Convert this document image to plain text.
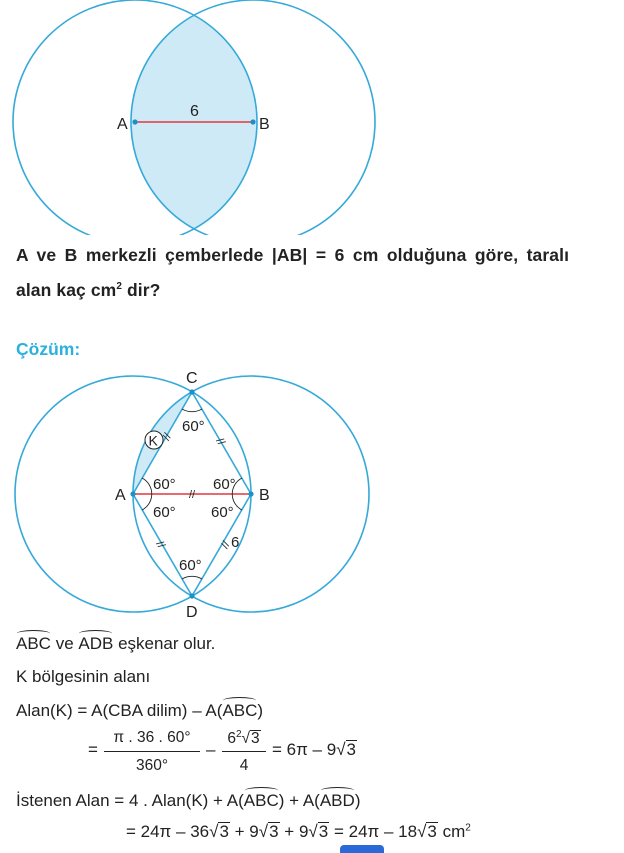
A	B
6
A ve B merkezli çemberlede |AB| = 6 cm olduğuna göre, taralı
alan kaç $cm^2$ dir?
Çözüm:
C
D
A	B
K
60°
60°
60°
60°
60°
60°
6
//	//
//
//	//
ABC ve ADB eşkenar olur.
K bölgesinin alanı
Alan(K) = A(CBA dilim) – A(ABC)
=
π . 36 . 60°
360°
–
$6^2√3$
4
= 6π – 9√3
İstenen Alan = 4 . Alan(K) + A(ABC) + A(ABD)
= 24π – 36√3 + 9√3 + 9√3 = 24π – 18√3 $cm^2$
